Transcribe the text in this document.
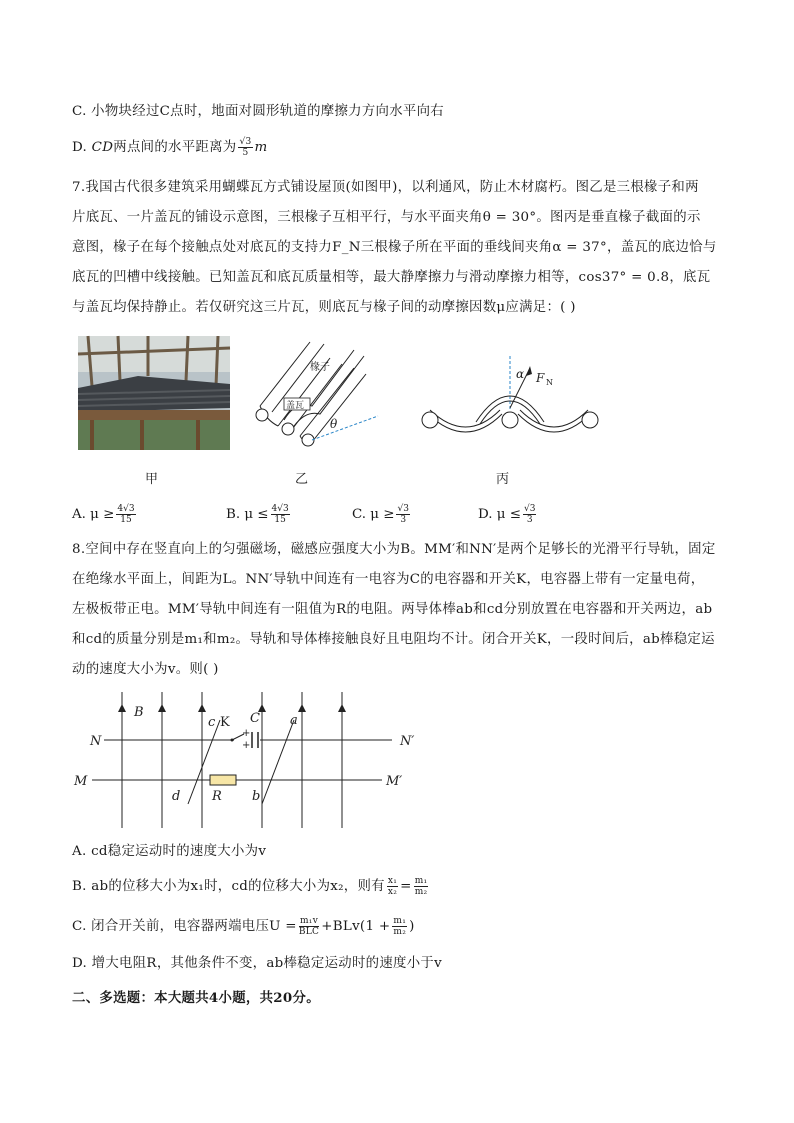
C. 小物块经过C点时，地面对圆形轨道的摩擦力方向水平向右
D. CD两点间的水平距离为 $\frac{√3}{5}$ m
7.我国古代很多建筑采用蝴蝶瓦方式铺设屋顶(如图甲)，以利通风，防止木材腐朽。图乙是三根椽子和两
片底瓦、一片盖瓦的铺设示意图，三根椽子互相平行，与水平面夹角θ = 30°。图丙是垂直椽子截面的示
意图，椽子在每个接触点处对底瓦的支持力F_N三根椽子所在平面的垂线间夹角α = 37°，盖瓦的底边恰与
底瓦的凹槽中线接触。已知盖瓦和底瓦质量相等，最大静摩擦力与滑动摩擦力相等，cos37° = 0.8，底瓦
与盖瓦均保持静止。若仅研究这三片瓦，则底瓦与椽子间的动摩擦因数μ应满足：( )
甲
椽子
盖瓦
θ
乙
α F N
丙
A. $\mu \ge \frac{4√3}{15}$	B. $\mu \le \frac{4√3}{15}$	C. $\mu \ge \frac{√3}{3}$	D. $\mu \le \frac{√3}{3}$
8.空间中存在竖直向上的匀强磁场，磁感应强度大小为B。MM′和NN′是两个足够长的光滑平行导轨，固定
在绝缘水平面上，间距为L。NN′导轨中间连有一电容为C的电容器和开关K，电容器上带有一定量电荷，
左极板带正电。MM′导轨中间连有一阻值为R的电阻。两导体棒ab和cd分别放置在电容器和开关两边，ab
和cd的质量分别是m₁和m₂。导轨和导体棒接触良好且电阻均不计。闭合开关K，一段时间后，ab棒稳定运
动的速度大小为v。则( )
B
c K C a
N	N′
M	M′
d R b
+
+
A. cd稳定运动时的速度大小为v
B. ab的位移大小为x₁时，cd的位移大小为x₂，则有 $\frac{\text{x₁}}{\text{x₂}} = \frac{\text{m₁}}{\text{m₂}}$
C. 闭合开关前，电容器两端电压$U = \frac{\text{m₁v}}{\text{BLC}} +BLv(1 + \frac{\text{m₁}}{\text{m₂}}$ )
D. 增大电阻R，其他条件不变，ab棒稳定运动时的速度小于v
二、多选题：本大题共4小题，共20分。
